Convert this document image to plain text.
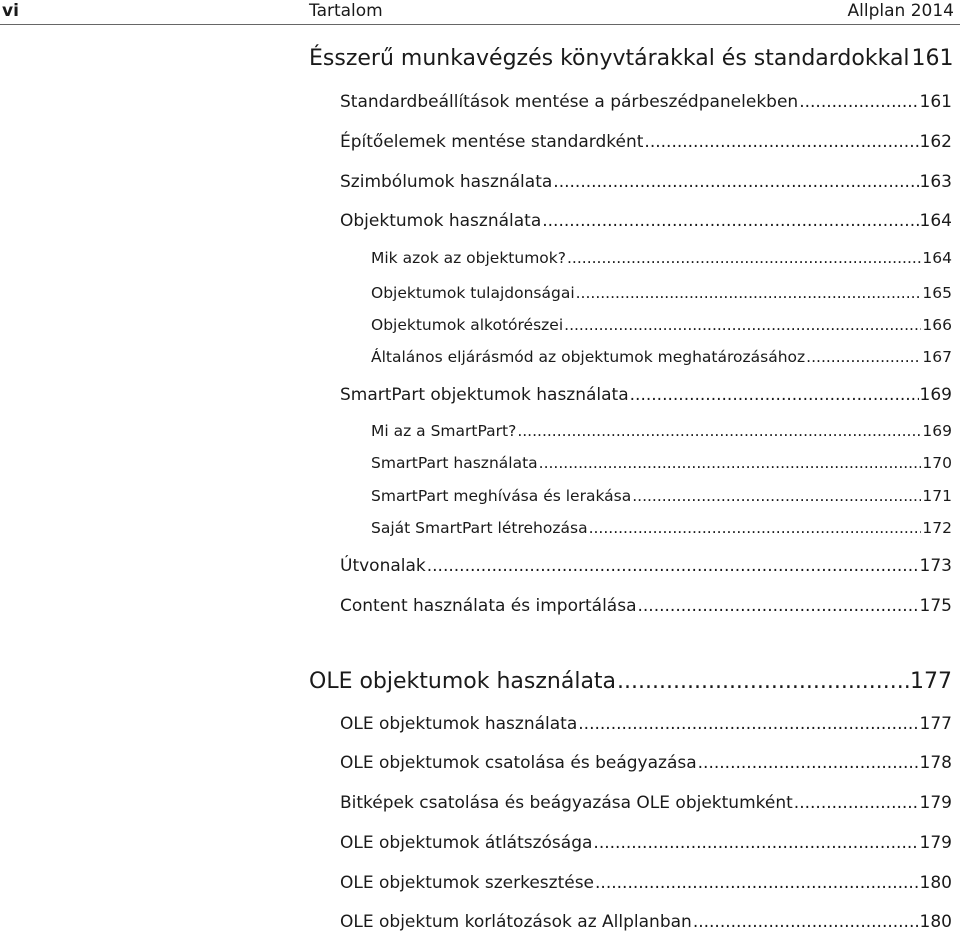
vi	Tartalom	Allplan 2014
Ésszerű munkavégzés könyvtárakkal és standardokkal 161
Standardbeállítások mentése a párbeszédpanelekben .....	161
Építőelemek mentése standardként .....	162
Szimbólumok használata .....	163
Objektumok használata .....	164
Mik azok az objektumok? .....	164
Objektumok tulajdonságai .....	165
Objektumok alkotórészei .....	166
Általános eljárásmód az objektumok meghatározásához .....	167
SmartPart objektumok használata .....	169
Mi az a SmartPart? .....	169
SmartPart használata .....	170
SmartPart meghívása és lerakása .....	171
Saját SmartPart létrehozása .....	172
Útvonalak .....	173
Content használata és importálása .....	175
OLE objektumok használata .....	177
OLE objektumok használata .....	177
OLE objektumok csatolása és beágyazása .....	178
Bitképek csatolása és beágyazása OLE objektumként .....	179
OLE objektumok átlátszósága .....	179
OLE objektumok szerkesztése .....	180
OLE objektum korlátozások az Allplanban .....	180
